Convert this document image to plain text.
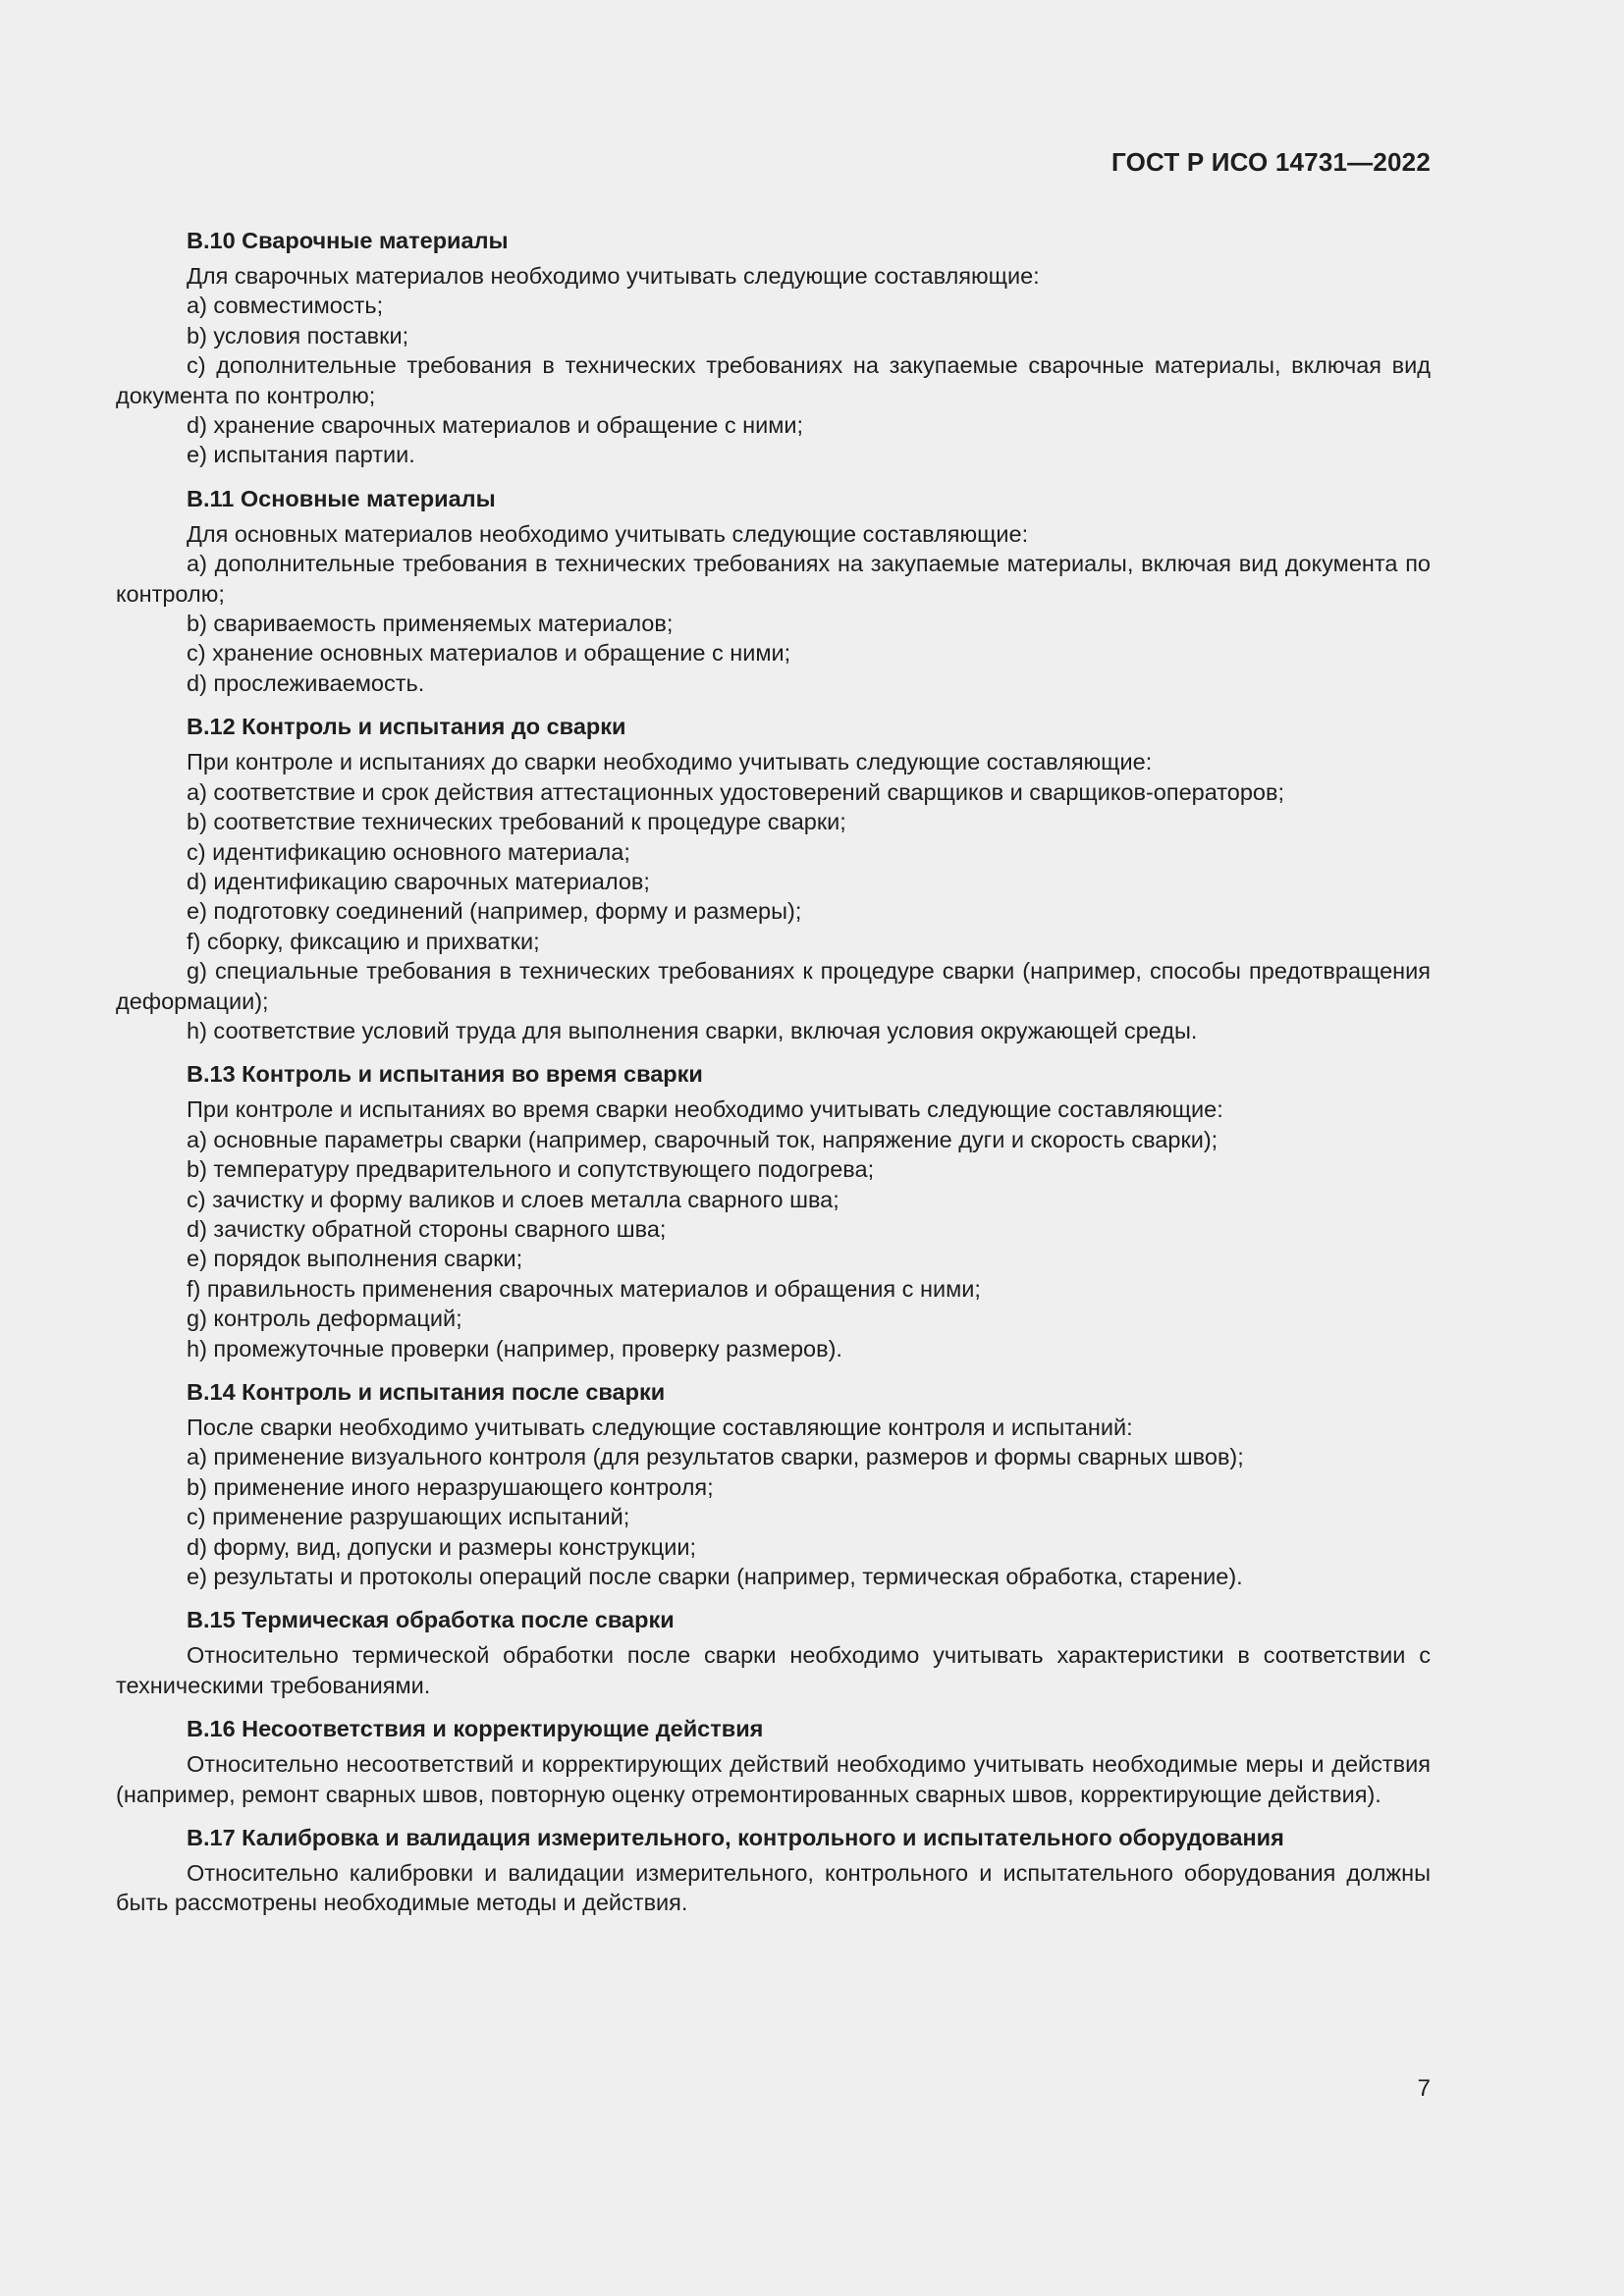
ГОСТ Р ИСО 14731—2022
В.10 Сварочные материалы

Для сварочных материалов необходимо учитывать следующие составляющие:

a) совместимость;

b) условия поставки;

c) дополнительные требования в технических требованиях на закупаемые сварочные материалы, включая вид документа по контролю;

d) хранение сварочных материалов и обращение с ними;

e) испытания партии.

В.11 Основные материалы

Для основных материалов необходимо учитывать следующие составляющие:

a) дополнительные требования в технических требованиях на закупаемые материалы, включая вид документа по контролю;

b) свариваемость применяемых материалов;

c) хранение основных материалов и обращение с ними;

d) прослеживаемость.

В.12 Контроль и испытания до сварки

При контроле и испытаниях до сварки необходимо учитывать следующие составляющие:

a) соответствие и срок действия аттестационных удостоверений сварщиков и сварщиков-операторов;

b) соответствие технических требований к процедуре сварки;

c) идентификацию основного материала;

d) идентификацию сварочных материалов;

e) подготовку соединений (например, форму и размеры);

f) сборку, фиксацию и прихватки;

g) специальные требования в технических требованиях к процедуре сварки (например, способы предотвращения деформации);

h) соответствие условий труда для выполнения сварки, включая условия окружающей среды.

В.13 Контроль и испытания во время сварки

При контроле и испытаниях во время сварки необходимо учитывать следующие составляющие:

a) основные параметры сварки (например, сварочный ток, напряжение дуги и скорость сварки);

b) температуру предварительного и сопутствующего подогрева;

c) зачистку и форму валиков и слоев металла сварного шва;

d) зачистку обратной стороны сварного шва;

e) порядок выполнения сварки;

f) правильность применения сварочных материалов и обращения с ними;

g) контроль деформаций;

h) промежуточные проверки (например, проверку размеров).

В.14 Контроль и испытания после сварки

После сварки необходимо учитывать следующие составляющие контроля и испытаний:

a) применение визуального контроля (для результатов сварки, размеров и формы сварных швов);

b) применение иного неразрушающего контроля;

c) применение разрушающих испытаний;

d) форму, вид, допуски и размеры конструкции;

e) результаты и протоколы операций после сварки (например, термическая обработка, старение).

В.15 Термическая обработка после сварки

Относительно термической обработки после сварки необходимо учитывать характеристики в соответствии с техническими требованиями.

В.16 Несоответствия и корректирующие действия

Относительно несоответствий и корректирующих действий необходимо учитывать необходимые меры и действия (например, ремонт сварных швов, повторную оценку отремонтированных сварных швов, корректирующие действия).

В.17 Калибровка и валидация измерительного, контрольного и испытательного оборудования

Относительно калибровки и валидации измерительного, контрольного и испытательного оборудования должны быть рассмотрены необходимые методы и действия.

7
